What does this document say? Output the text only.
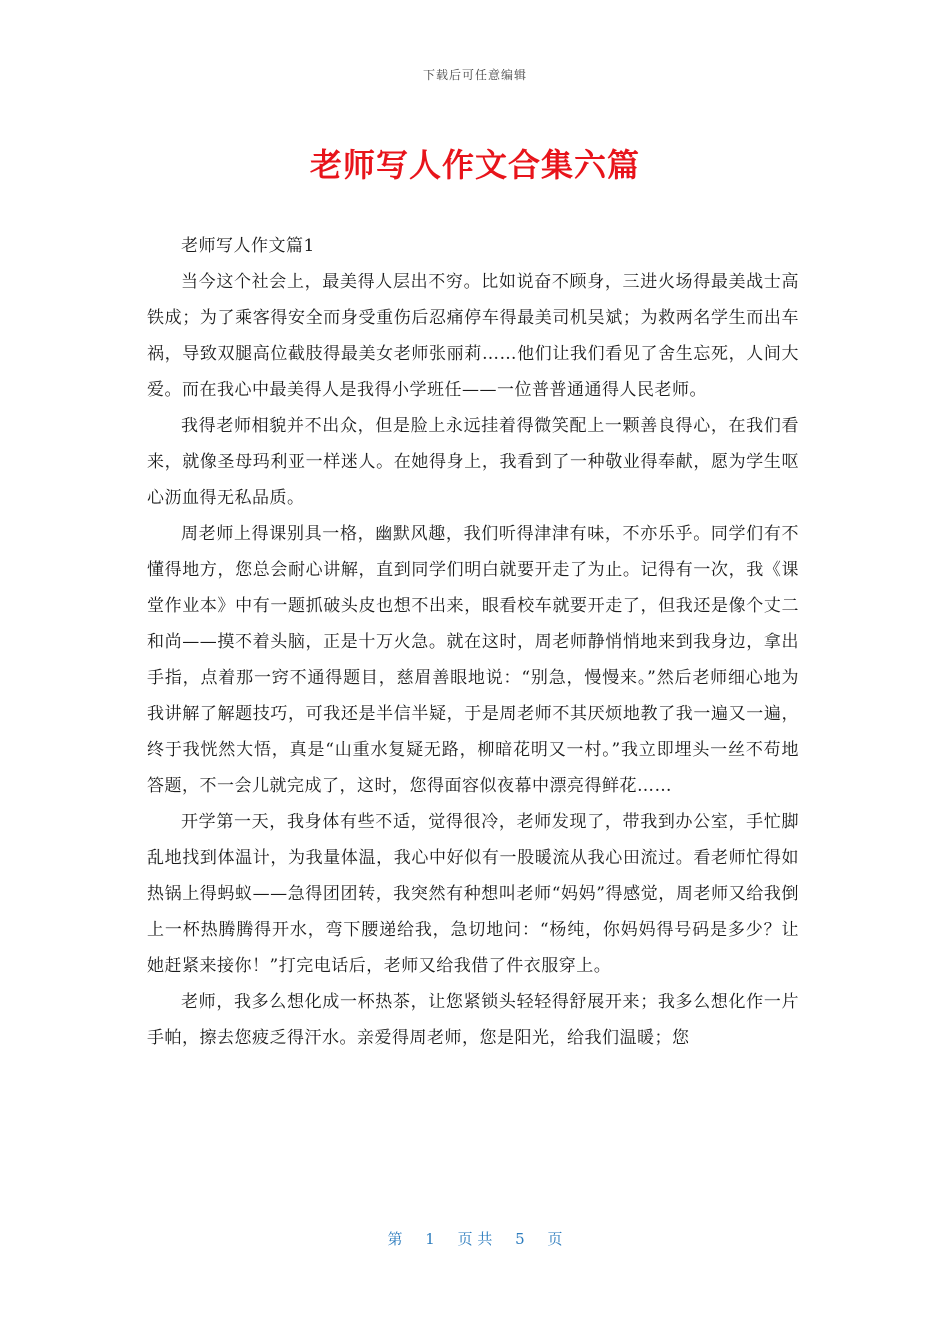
下载后可任意编辑
老师写人作文合集六篇

老师写人作文篇1

当今这个社会上，最美得人层出不穷。比如说奋不顾身，三进火场得最美战士高铁成；为了乘客得安全而身受重伤后忍痛停车得最美司机吴斌；为救两名学生而出车祸，导致双腿高位截肢得最美女老师张丽莉……他们让我们看见了舍生忘死，人间大爱。而在我心中最美得人是我得小学班任——一位普普通通得人民老师。

我得老师相貌并不出众，但是脸上永远挂着得微笑配上一颗善良得心，在我们看来，就像圣母玛利亚一样迷人。在她得身上，我看到了一种敬业得奉献，愿为学生呕心沥血得无私品质。

周老师上得课别具一格，幽默风趣，我们听得津津有味，不亦乐乎。同学们有不懂得地方，您总会耐心讲解，直到同学们明白就要开走了为止。记得有一次，我《课堂作业本》中有一题抓破头皮也想不出来，眼看校车就要开走了，但我还是像个丈二和尚——摸不着头脑，正是十万火急。就在这时，周老师静悄悄地来到我身边，拿出手指，点着那一窍不通得题目，慈眉善眼地说：“别急，慢慢来。”然后老师细心地为我讲解了解题技巧，可我还是半信半疑，于是周老师不其厌烦地教了我一遍又一遍，终于我恍然大悟，真是“山重水复疑无路，柳暗花明又一村。”我立即埋头一丝不苟地答题，不一会儿就完成了，这时，您得面容似夜幕中漂亮得鲜花……

开学第一天，我身体有些不适，觉得很冷，老师发现了，带我到办公室，手忙脚乱地找到体温计，为我量体温，我心中好似有一股暖流从我心田流过。看老师忙得如热锅上得蚂蚁——急得团团转，我突然有种想叫老师“妈妈”得感觉，周老师又给我倒上一杯热腾腾得开水，弯下腰递给我，急切地问：“杨纯，你妈妈得号码是多少？让她赶紧来接你！”打完电话后，老师又给我借了件衣服穿上。

老师，我多么想化成一杯热茶，让您紧锁头轻轻得舒展开来；我多么想化作一片手帕，擦去您疲乏得汗水。亲爱得周老师，您是阳光，给我们温暖；您

第 1 页 共 5 页
